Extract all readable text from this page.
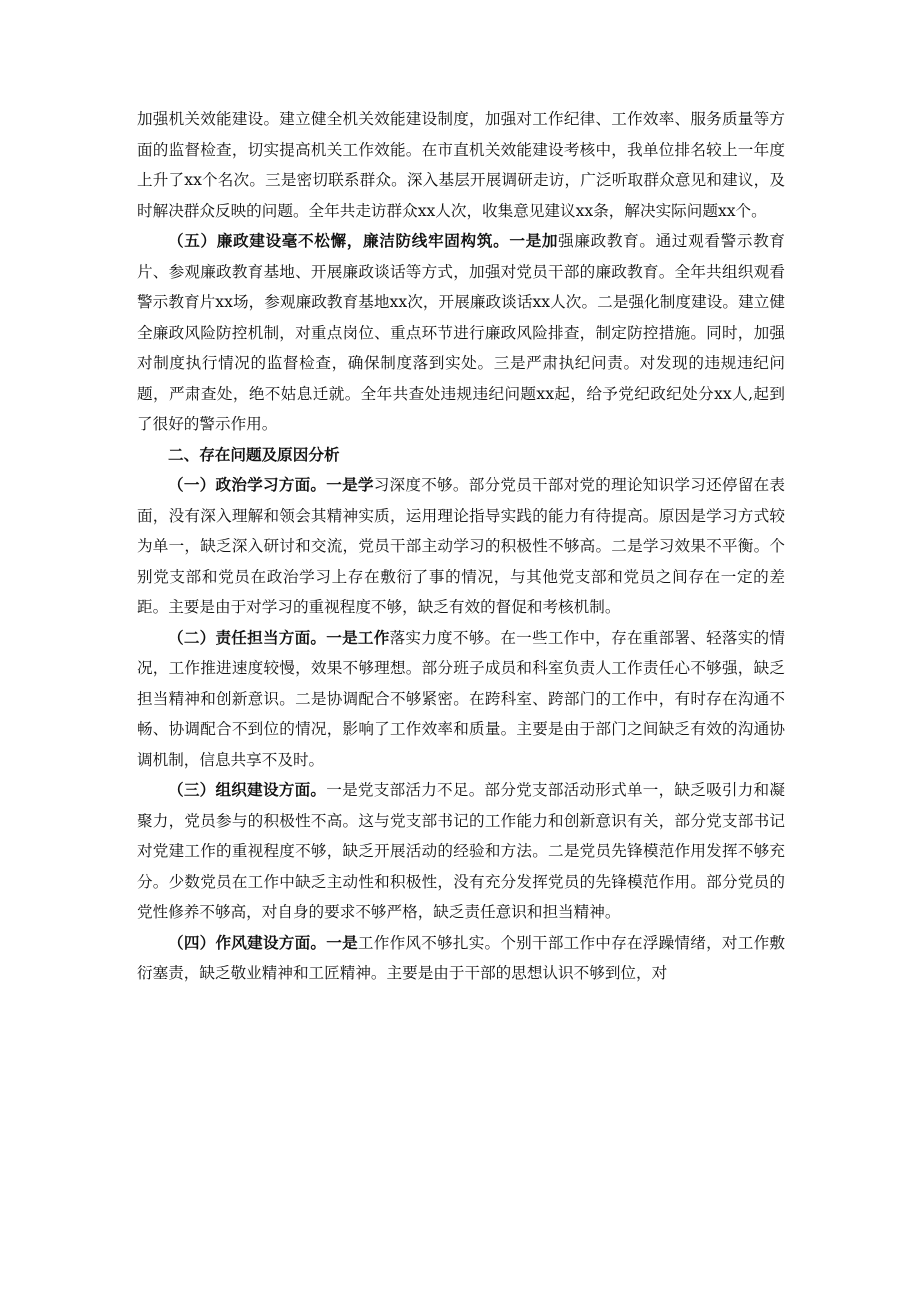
加强机关效能建设。建立健全机关效能建设制度，加强对工作纪律、工作效率、服务质量等方面的监督检查，切实提高机关工作效能。在市直机关效能建设考核中，我单位排名较上一年度上升了xx个名次。三是密切联系群众。深入基层开展调研走访，广泛听取群众意见和建议，及时解决群众反映的问题。全年共走访群众xx人次，收集意见建议xx条，解决实际问题xx个。

（五）廉政建设毫不松懈，廉洁防线牢固构筑。一是加强廉政教育。通过观看警示教育片、参观廉政教育基地、开展廉政谈话等方式，加强对党员干部的廉政教育。全年共组织观看警示教育片xx场，参观廉政教育基地xx次，开展廉政谈话xx人次。二是强化制度建设。建立健全廉政风险防控机制，对重点岗位、重点环节进行廉政风险排查，制定防控措施。同时，加强对制度执行情况的监督检查，确保制度落到实处。三是严肃执纪问责。对发现的违规违纪问题，严肃查处，绝不姑息迁就。全年共查处违规违纪问题xx起，给予党纪政纪处分xx人,起到了很好的警示作用。

二、存在问题及原因分析

（一）政治学习方面。一是学习深度不够。部分党员干部对党的理论知识学习还停留在表面，没有深入理解和领会其精神实质，运用理论指导实践的能力有待提高。原因是学习方式较为单一，缺乏深入研讨和交流，党员干部主动学习的积极性不够高。二是学习效果不平衡。个别党支部和党员在政治学习上存在敷衍了事的情况，与其他党支部和党员之间存在一定的差距。主要是由于对学习的重视程度不够，缺乏有效的督促和考核机制。

（二）责任担当方面。一是工作落实力度不够。在一些工作中，存在重部署、轻落实的情况，工作推进速度较慢，效果不够理想。部分班子成员和科室负责人工作责任心不够强，缺乏担当精神和创新意识。二是协调配合不够紧密。在跨科室、跨部门的工作中，有时存在沟通不畅、协调配合不到位的情况，影响了工作效率和质量。主要是由于部门之间缺乏有效的沟通协调机制，信息共享不及时。

（三）组织建设方面。一是党支部活力不足。部分党支部活动形式单一，缺乏吸引力和凝聚力，党员参与的积极性不高。这与党支部书记的工作能力和创新意识有关，部分党支部书记对党建工作的重视程度不够，缺乏开展活动的经验和方法。二是党员先锋模范作用发挥不够充分。少数党员在工作中缺乏主动性和积极性，没有充分发挥党员的先锋模范作用。部分党员的党性修养不够高，对自身的要求不够严格，缺乏责任意识和担当精神。

（四）作风建设方面。一是工作作风不够扎实。个别干部工作中存在浮躁情绪，对工作敷衍塞责，缺乏敬业精神和工匠精神。主要是由于干部的思想认识不够到位，对
